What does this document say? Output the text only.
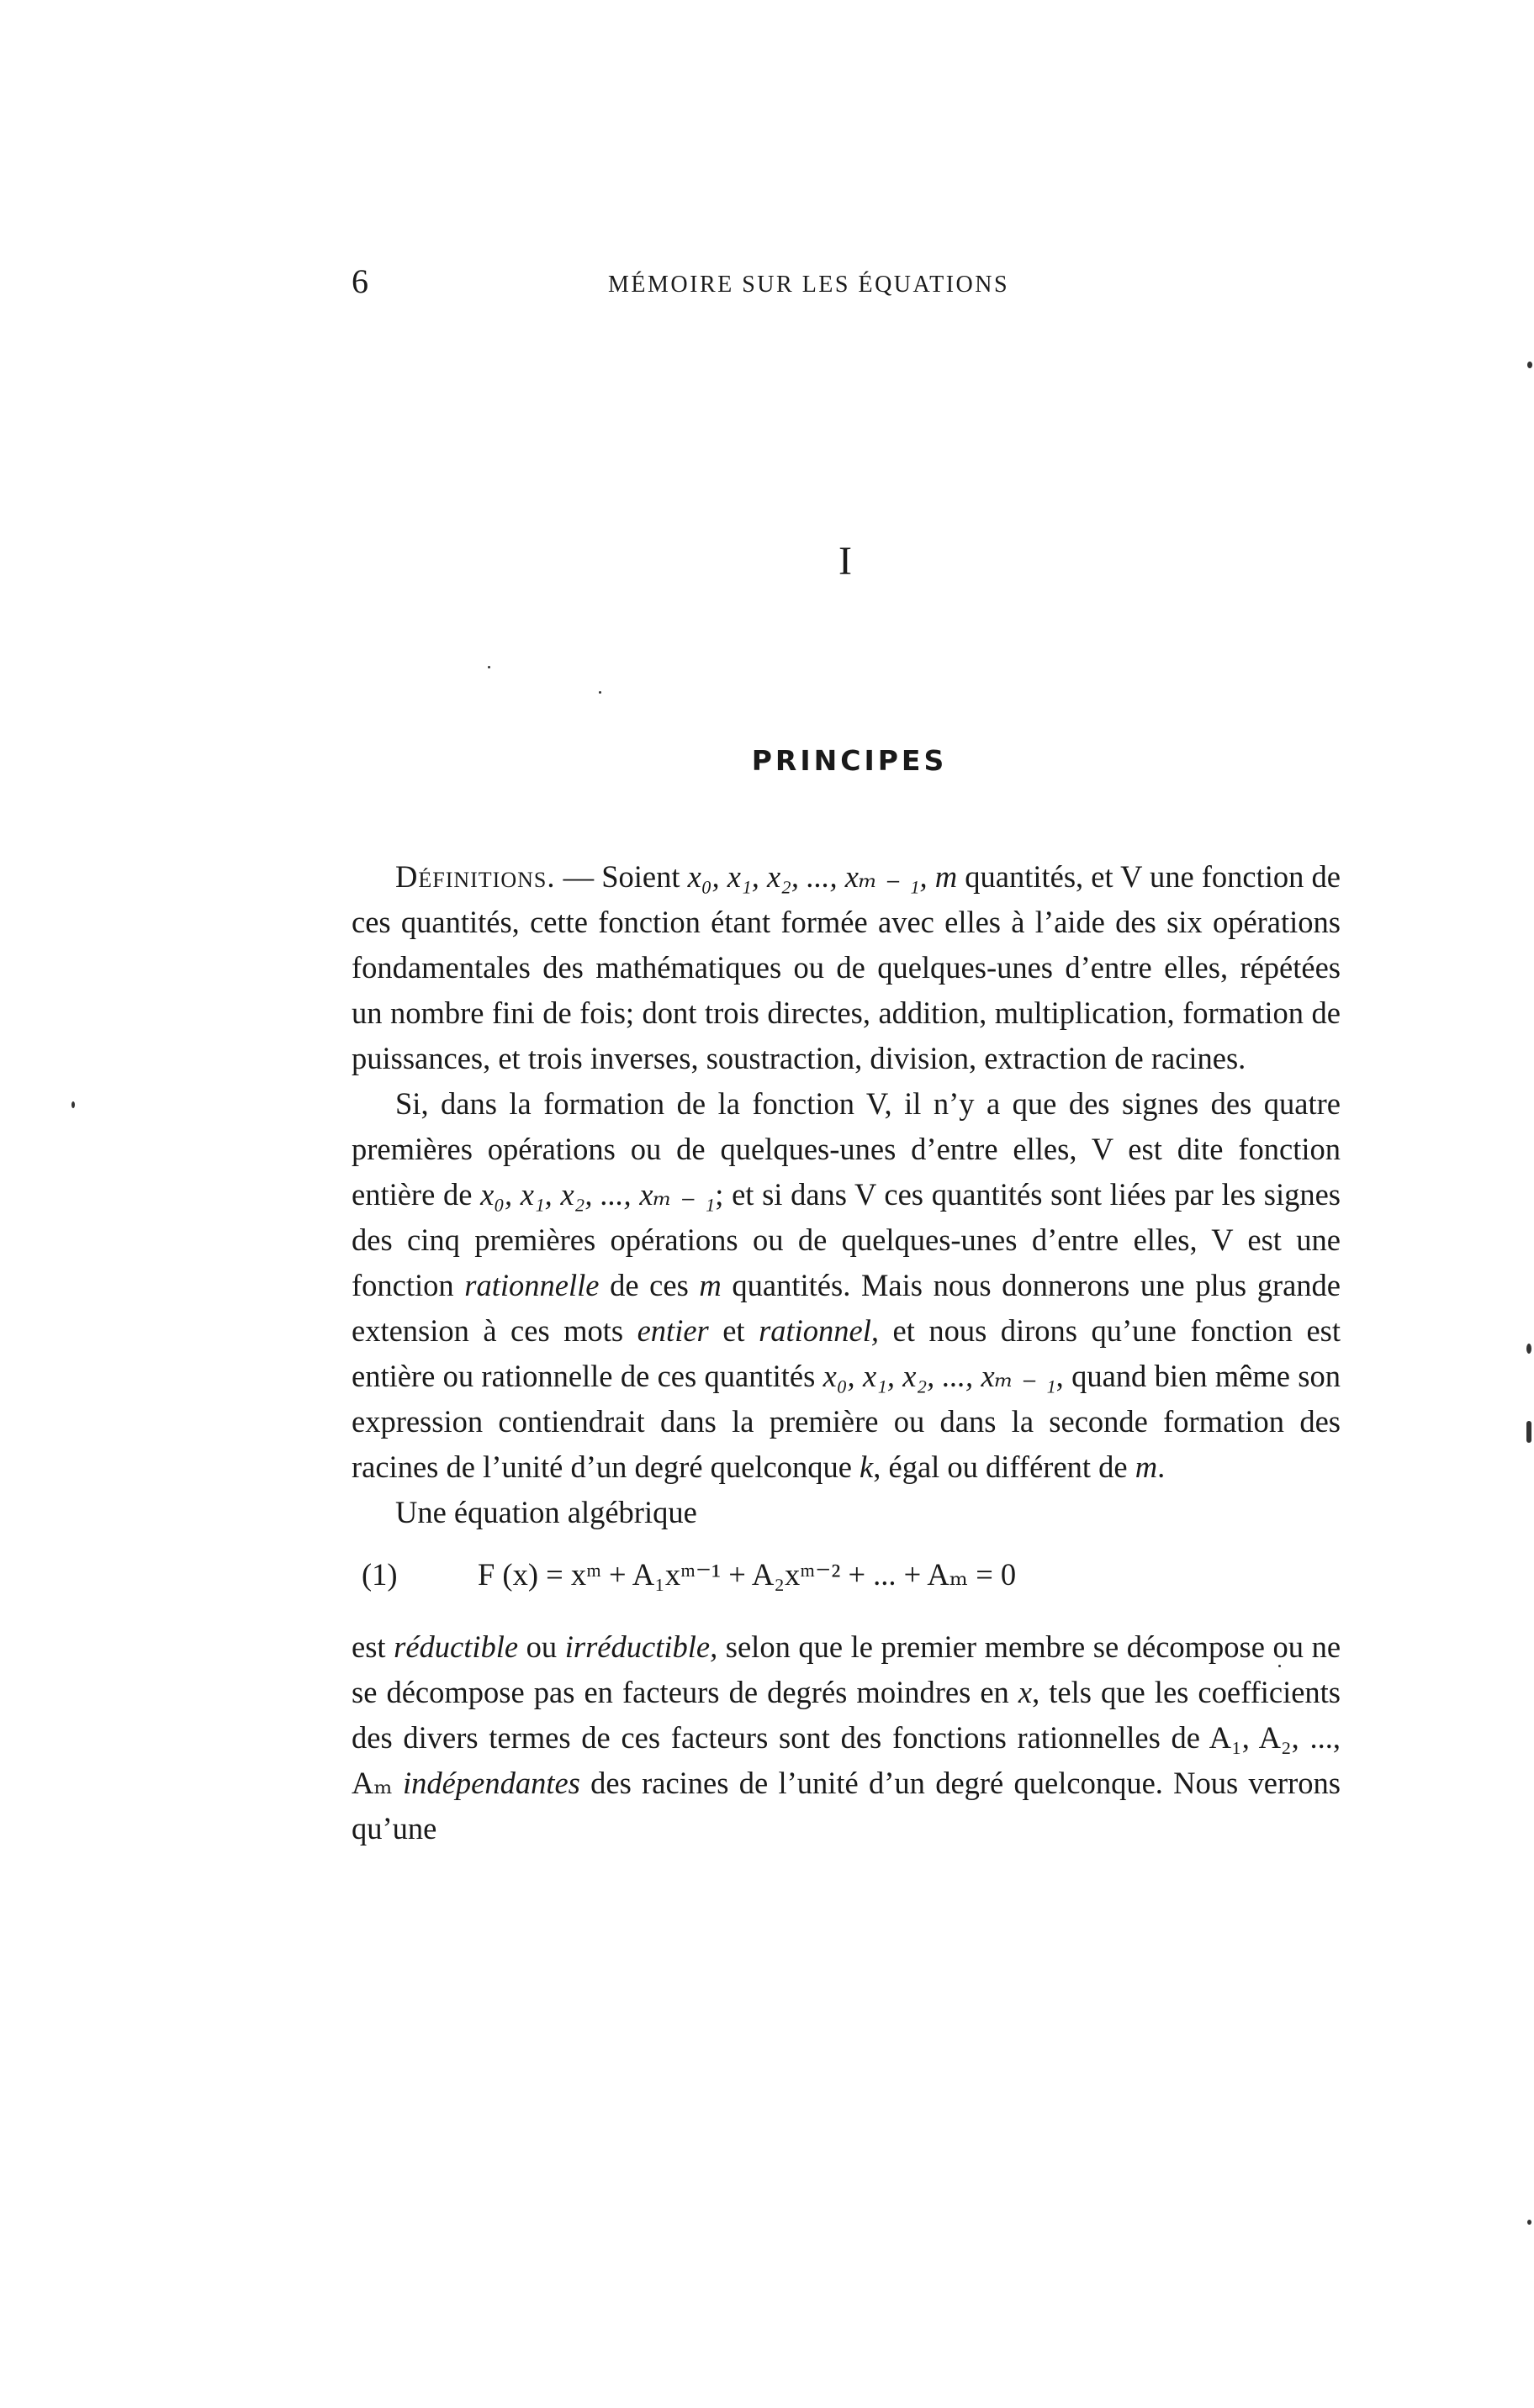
6	MÉMOIRE SUR LES ÉQUATIONS
I
PRINCIPES

Définitions. — Soient x₀, x₁, x₂, ..., xₘ ₋ ₁, m quantités, et V une fonction de ces quantités, cette fonction étant formée avec elles à l’aide des six opérations fondamentales des mathématiques ou de quelques-unes d’entre elles, répétées un nombre fini de fois; dont trois directes, addition, multiplication, formation de puissances, et trois inverses, soustraction, division, extraction de racines.

Si, dans la formation de la fonction V, il n’y a que des signes des quatre premières opérations ou de quelques-unes d’entre elles, V est dite fonction entière de x₀, x₁, x₂, ..., xₘ ₋ ₁; et si dans V ces quantités sont liées par les signes des cinq premières opérations ou de quelques-unes d’entre elles, V est une fonction rationnelle de ces m quantités. Mais nous donnerons une plus grande extension à ces mots entier et rationnel, et nous dirons qu’une fonction est entière ou rationnelle de ces quantités x₀, x₁, x₂, ..., xₘ ₋ ₁, quand bien même son expression contiendrait dans la première ou dans la seconde formation des racines de l’unité d’un degré quelconque k, égal ou différent de m.

Une équation algébrique

(1)	F (x) = xᵐ + A₁xᵐ⁻¹ + A₂xᵐ⁻² + ... + Aₘ = 0

est réductible ou irréductible, selon que le premier membre se décompose ou ne se décompose pas en facteurs de degrés moindres en x, tels que les coefficients des divers termes de ces facteurs sont des fonctions rationnelles de A₁, A₂, ..., Aₘ indépendantes des racines de l’unité d’un degré quelconque. Nous verrons qu’une
